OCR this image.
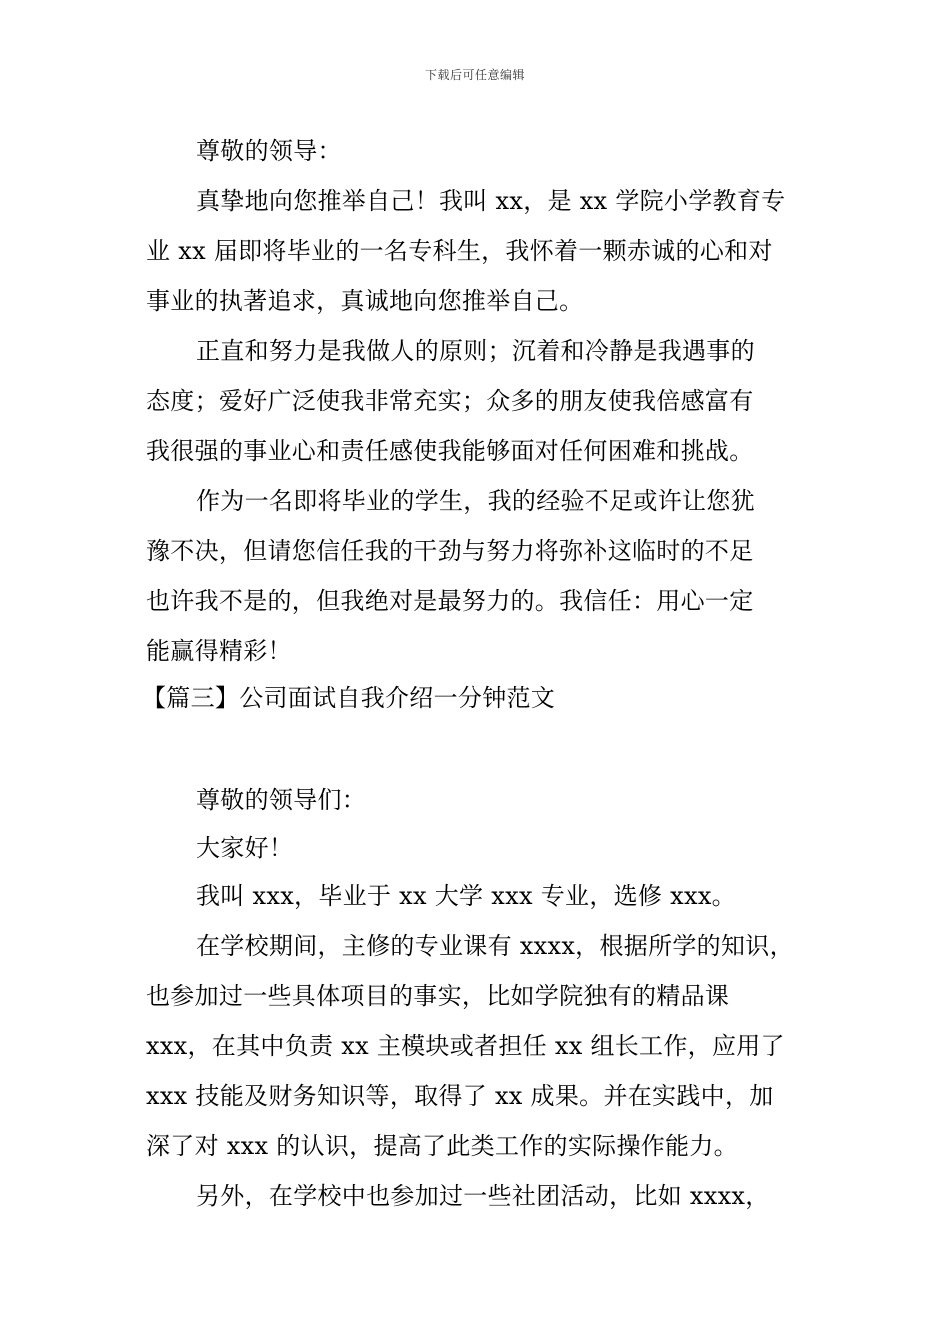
下载后可任意编辑
尊敬的领导：
真挚地向您推举自己！我叫 xx，是 xx 学院小学教育专
业 xx 届即将毕业的一名专科生，我怀着一颗赤诚的心和对
事业的执著追求，真诚地向您推举自己。
正直和努力是我做人的原则；沉着和冷静是我遇事的
态度；爱好广泛使我非常充实；众多的朋友使我倍感富有
我很强的事业心和责任感使我能够面对任何困难和挑战。
作为一名即将毕业的学生，我的经验不足或许让您犹
豫不决，但请您信任我的干劲与努力将弥补这临时的不足
也许我不是的，但我绝对是最努力的。我信任：用心一定
能赢得精彩！
【篇三】公司面试自我介绍一分钟范文
尊敬的领导们：
大家好！
我叫 xxx，毕业于 xx 大学 xxx 专业，选修 xxx。
在学校期间，主修的专业课有 xxxx，根据所学的知识，
也参加过一些具体项目的事实，比如学院独有的精品课
xxx，在其中负责 xx 主模块或者担任 xx 组长工作，应用了
xxx 技能及财务知识等，取得了 xx 成果。并在实践中，加
深了对 xxx 的认识，提高了此类工作的实际操作能力。
另外，在学校中也参加过一些社团活动，比如 xxxx，
